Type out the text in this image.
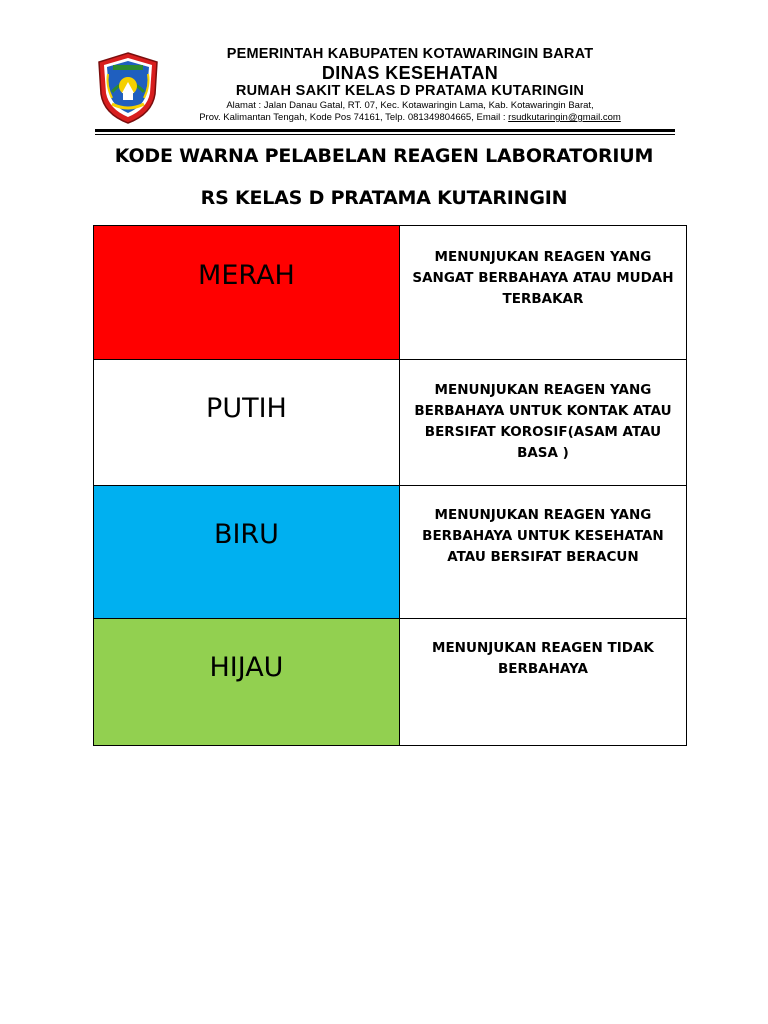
PEMERINTAH KABUPATEN KOTAWARINGIN BARAT
DINAS KESEHATAN
RUMAH SAKIT KELAS D PRATAMA KUTARINGIN
Alamat : Jalan Danau Gatal, RT. 07, Kec. Kotawaringin Lama, Kab. Kotawaringin Barat,
Prov. Kalimantan Tengah, Kode Pos 74161, Telp. 081349804665, Email : rsudkutaringin@gmail.com
KODE WARNA PELABELAN REAGEN LABORATORIUM
RS KELAS D PRATAMA KUTARINGIN
MERAH	MENUNJUKAN REAGEN YANG SANGAT BERBAHAYA ATAU MUDAH TERBAKAR

PUTIH	MENUNJUKAN REAGEN YANG BERBAHAYA UNTUK KONTAK ATAU BERSIFAT KOROSIF(ASAM ATAU BASA )

BIRU	MENUNJUKAN REAGEN YANG BERBAHAYA UNTUK KESEHATAN ATAU BERSIFAT BERACUN

HIJAU	MENUNJUKAN REAGEN TIDAK BERBAHAYA
